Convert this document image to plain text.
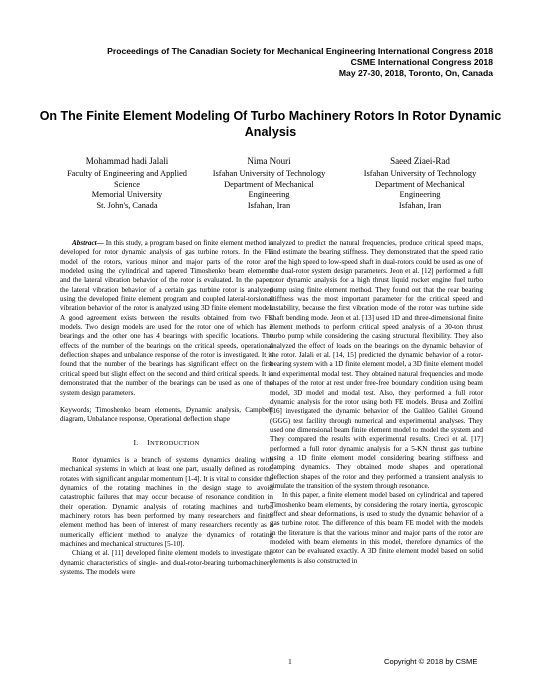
Proceedings of The Canadian Society for Mechanical Engineering International Congress 2018
CSME International Congress 2018
May 27-30, 2018, Toronto, On, Canada
On The Finite Element Modeling Of Turbo Machinery Rotors In Rotor Dynamic
Analysis
Mohammad hadi Jalali
Faculty of Engineering and Applied
Science
Memorial University
St. John's, Canada
Nima Nouri
Isfahan University of Technology
Department of Mechanical
Engineering
Isfahan, Iran
Saeed Ziaei-Rad
Isfahan University of Technology
Department of Mechanical
Engineering
Isfahan, Iran

Abstract— In this study, a program based on finite element method is developed for rotor dynamic analysis of gas turbine rotors. In the FE model of the rotors, various minor and major parts of the rotor are modeled using the cylindrical and tapered Timoshenko beam elements and the lateral vibration behavior of the rotor is evaluated. In the paper, the lateral vibration behavior of a certain gas turbine rotor is analyzed using the developed finite element program and coupled lateral-torsional vibration behavior of the rotor is analyzed using 3D finite element model. A good agreement exists between the results obtained from two FE models. Two design models are used for the rotor one of which has 2 bearings and the other one has 4 bearings with specific locations. The effects of the number of the bearings on the critical speeds, operational deflection shapes and unbalance response of the rotor is investigated. It is found that the number of the bearings has significant effect on the first critical speed but slight effect on the second and third critical speeds. It is demonstrated that the number of the bearings can be used as one of the system design parameters.

Keywords; Timoshenko beam elements, Dynamic analysis, Campbell diagram, Unbalance response, Operational deflection shape

I. INTRODUCTION

Rotor dynamics is a branch of systems dynamics dealing with mechanical systems in which at least one part, usually defined as rotor, rotates with significant angular momentum [1-4]. It is vital to consider the dynamics of the rotating machines in the design stage to avoid catastrophic failures that may occur because of resonance condition in their operation. Dynamic analysis of rotating machines and turbo machinery rotors has been performed by many researchers and finite element method has been of interest of many researchers recently as a numerically efficient method to analyze the dynamics of rotating machines and mechanical structures [5-10].

Chiang et al. [11] developed finite element models to investigate the dynamic characteristics of single- and dual-rotor-bearing turbomachinery systems. The models were

analyzed to predict the natural frequencies, produce critical speed maps, and estimate the bearing stiffness. They demonstrated that the speed ratio of the high speed to low-speed shaft in dual-rotors could be used as one of the dual-rotor system design parameters. Jeon et al. [12] performed a full rotor dynamic analysis for a high thrust liquid rocket engine fuel turbo pump using finite element method. They found out that the rear bearing stiffness was the most important parameter for the critical speed and instability, because the first vibration mode of the rotor was turbine side shaft bending mode. Jeon et al. [13] used 1D and three-dimensional finite element methods to perform critical speed analysis of a 30-ton thrust turbo pump while considering the casing structural flexibility. They also analyzed the effect of loads on the bearings on the dynamic behavior of the rotor. Jalali et al. [14, 15] predicted the dynamic behavior of a rotor-bearing system with a 1D finite element model, a 3D finite element model and experimental modal test. They obtained natural frequencies and mode shapes of the rotor at rest under free-free boundary condition using beam model, 3D model and modal test. Also, they performed a full rotor dynamic analysis for the rotor using both FE models. Brusa and Zolfini [16] investigated the dynamic behavior of the Galileo Galilei Ground (GGG) test facility through numerical and experimental analyses. They used one dimensional beam finite element model to model the system and They compared the results with experimental results. Creci et al. [17] performed a full rotor dynamic analysis for a 5-KN thrust gas turbine using a 1D finite element model considering bearing stiffness and damping dynamics. They obtained mode shapes and operational deflection shapes of the rotor and they performed a transient analysis to simulate the transition of the system through resonance.

In this paper, a finite element model based on cylindrical and tapered Timoshenko beam elements, by considering the rotary inertia, gyroscopic effect and shear deformations, is used to study the dynamic behavior of a gas turbine rotor. The difference of this beam FE model with the models in the literature is that the various minor and major parts of the rotor are modeled with beam elements in this model, therefore dynamics of the rotor can be evaluated exactly. A 3D finite element model based on solid elements is also constructed in

1	Copyright © 2018 by CSME
